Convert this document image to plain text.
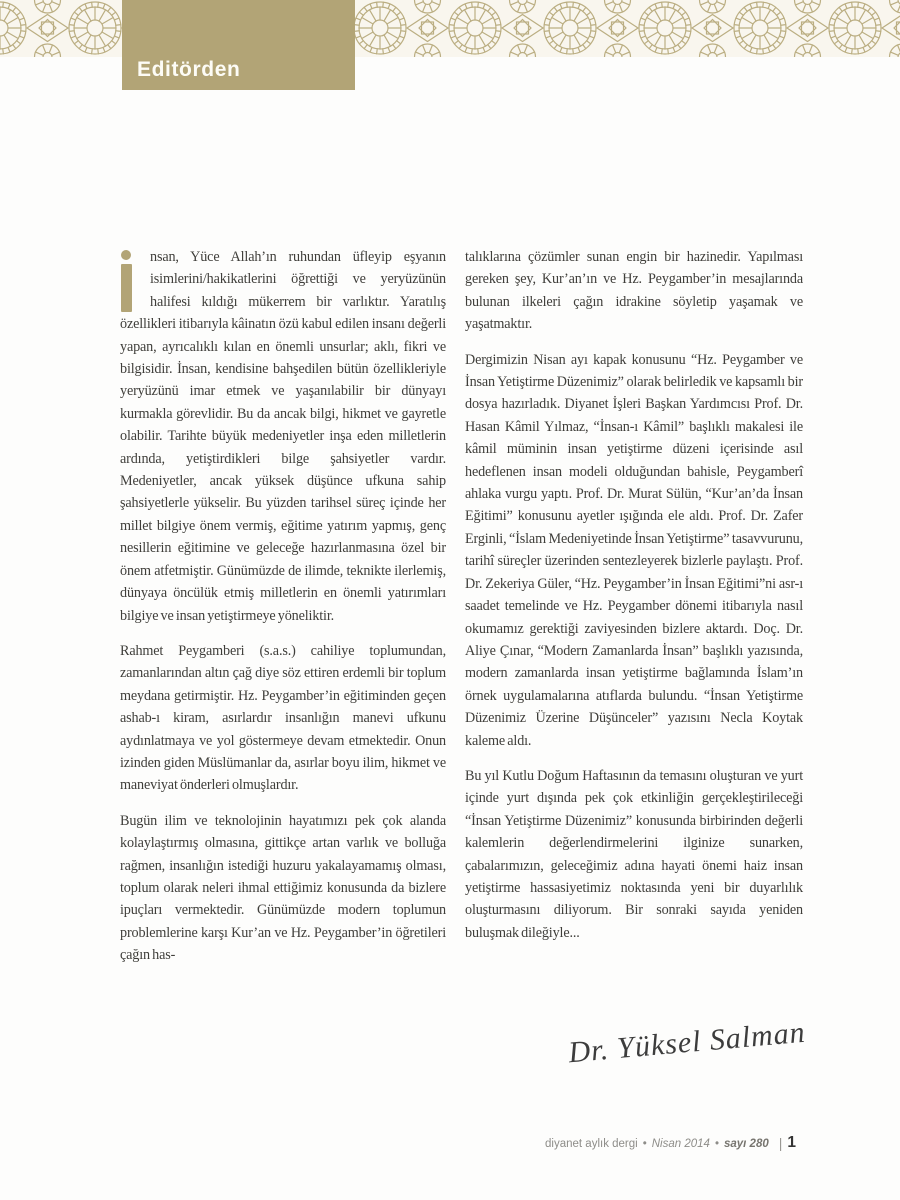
Editörden

nsan, Yüce Allah’ın ruhundan üfleyip eşyanın isimlerini/hakikatlerini öğrettiği ve yeryüzünün halifesi kıldığı mükerrem bir varlıktır. Yaratılış özellikleri itibarıyla kâinatın özü kabul edilen insanı değerli yapan, ayrıcalıklı kılan en önemli unsurlar; aklı, fikri ve bilgisidir. İnsan, kendisine bahşedilen bütün özellikleriyle yeryüzünü imar etmek ve yaşanılabilir bir dünyayı kurmakla görevlidir. Bu da ancak bilgi, hikmet ve gayretle olabilir. Tarihte büyük medeniyetler inşa eden milletlerin ardında, yetiştirdikleri bilge şahsiyetler vardır. Medeniyetler, ancak yüksek düşünce ufkuna sahip şahsiyetlerle yükselir. Bu yüzden tarihsel süreç içinde her millet bilgiye önem vermiş, eğitime yatırım yapmış, genç nesillerin eğitimine ve geleceğe hazırlanmasına özel bir önem atfetmiştir. Günümüzde de ilimde, teknikte ilerlemiş, dünyaya öncülük etmiş milletlerin en önemli yatırımları bilgiye ve insan yetiştirmeye yöneliktir.

Rahmet Peygamberi (s.a.s.) cahiliye toplumundan, zamanlarından altın çağ diye söz ettiren erdemli bir toplum meydana getirmiştir. Hz. Peygamber’in eğitiminden geçen ashab-ı kiram, asırlardır insanlığın manevi ufkunu aydınlatmaya ve yol göstermeye devam etmektedir. Onun izinden giden Müslümanlar da, asırlar boyu ilim, hikmet ve maneviyat önderleri olmuşlardır.

Bugün ilim ve teknolojinin hayatımızı pek çok alanda kolaylaştırmış olmasına, gittikçe artan varlık ve bolluğa rağmen, insanlığın istediği huzuru yakalayamamış olması, toplum olarak neleri ihmal ettiğimiz konusunda da bizlere ipuçları vermektedir. Günümüzde modern toplumun problemlerine karşı Kur’an ve Hz. Peygamber’in öğretileri çağın has-

talıklarına çözümler sunan engin bir hazinedir. Yapılması gereken şey, Kur’an’ın ve Hz. Peygamber’in mesajlarında bulunan ilkeleri çağın idrakine söyletip yaşamak ve yaşatmaktır.

Dergimizin Nisan ayı kapak konusunu “Hz. Peygamber ve İnsan Yetiştirme Düzenimiz” olarak belirledik ve kapsamlı bir dosya hazırladık. Diyanet İşleri Başkan Yardımcısı Prof. Dr. Hasan Kâmil Yılmaz, “İnsan-ı Kâmil” başlıklı makalesi ile kâmil müminin insan yetiştirme düzeni içerisinde asıl hedeflenen insan modeli olduğundan bahisle, Peygamberî ahlaka vurgu yaptı. Prof. Dr. Murat Sülün, “Kur’an’da İnsan Eğitimi” konusunu ayetler ışığında ele aldı. Prof. Dr. Zafer Erginli, “İslam Medeniyetinde İnsan Yetiştirme” tasavvurunu, tarihî süreçler üzerinden sentezleyerek bizlerle paylaştı. Prof. Dr. Zekeriya Güler, “Hz. Peygamber’in İnsan Eğitimi”ni asr-ı saadet temelinde ve Hz. Peygamber dönemi itibarıyla nasıl okumamız gerektiği zaviyesinden bizlere aktardı. Doç. Dr. Aliye Çınar, “Modern Zamanlarda İnsan” başlıklı yazısında, modern zamanlarda insan yetiştirme bağlamında İslam’ın örnek uygulamalarına atıflarda bulundu. “İnsan Yetiştirme Düzenimiz Üzerine Düşünceler” yazısını Necla Koytak kaleme aldı.

Bu yıl Kutlu Doğum Haftasının da temasını oluşturan ve yurt içinde yurt dışında pek çok etkinliğin gerçekleştirileceği “İnsan Yetiştirme Düzenimiz” konusunda birbirinden değerli kalemlerin değerlendirmelerini ilginize sunarken, çabalarımızın, geleceğimiz adına hayati önemi haiz insan yetiştirme hassasiyetimiz noktasında yeni bir duyarlılık oluşturmasını diliyorum. Bir sonraki sayıda yeniden buluşmak dileğiyle...

Dr. Yüksel Salman
diyanet aylık dergi • Nisan 2014 • sayı 280 | 1
